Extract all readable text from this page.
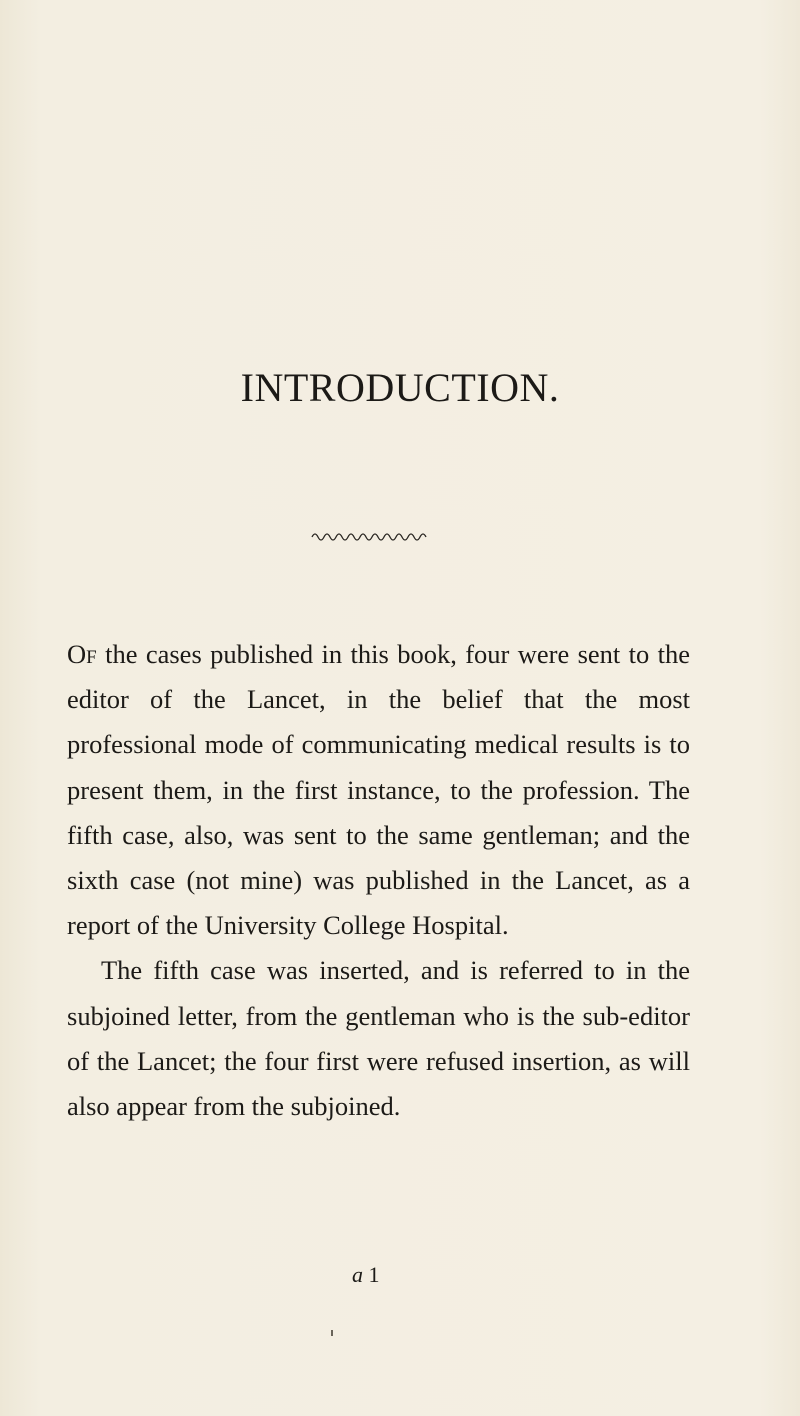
INTRODUCTION.

Of the cases published in this book, four were sent to the editor of the Lancet, in the belief that the most professional mode of communicating medical results is to present them, in the first instance, to the profession. The fifth case, also, was sent to the same gentleman; and the sixth case (not mine) was published in the Lancet, as a report of the University College Hospital.

The fifth case was inserted, and is referred to in the subjoined letter, from the gentleman who is the sub-editor of the Lancet; the four first were refused insertion, as will also appear from the subjoined.

a 1
